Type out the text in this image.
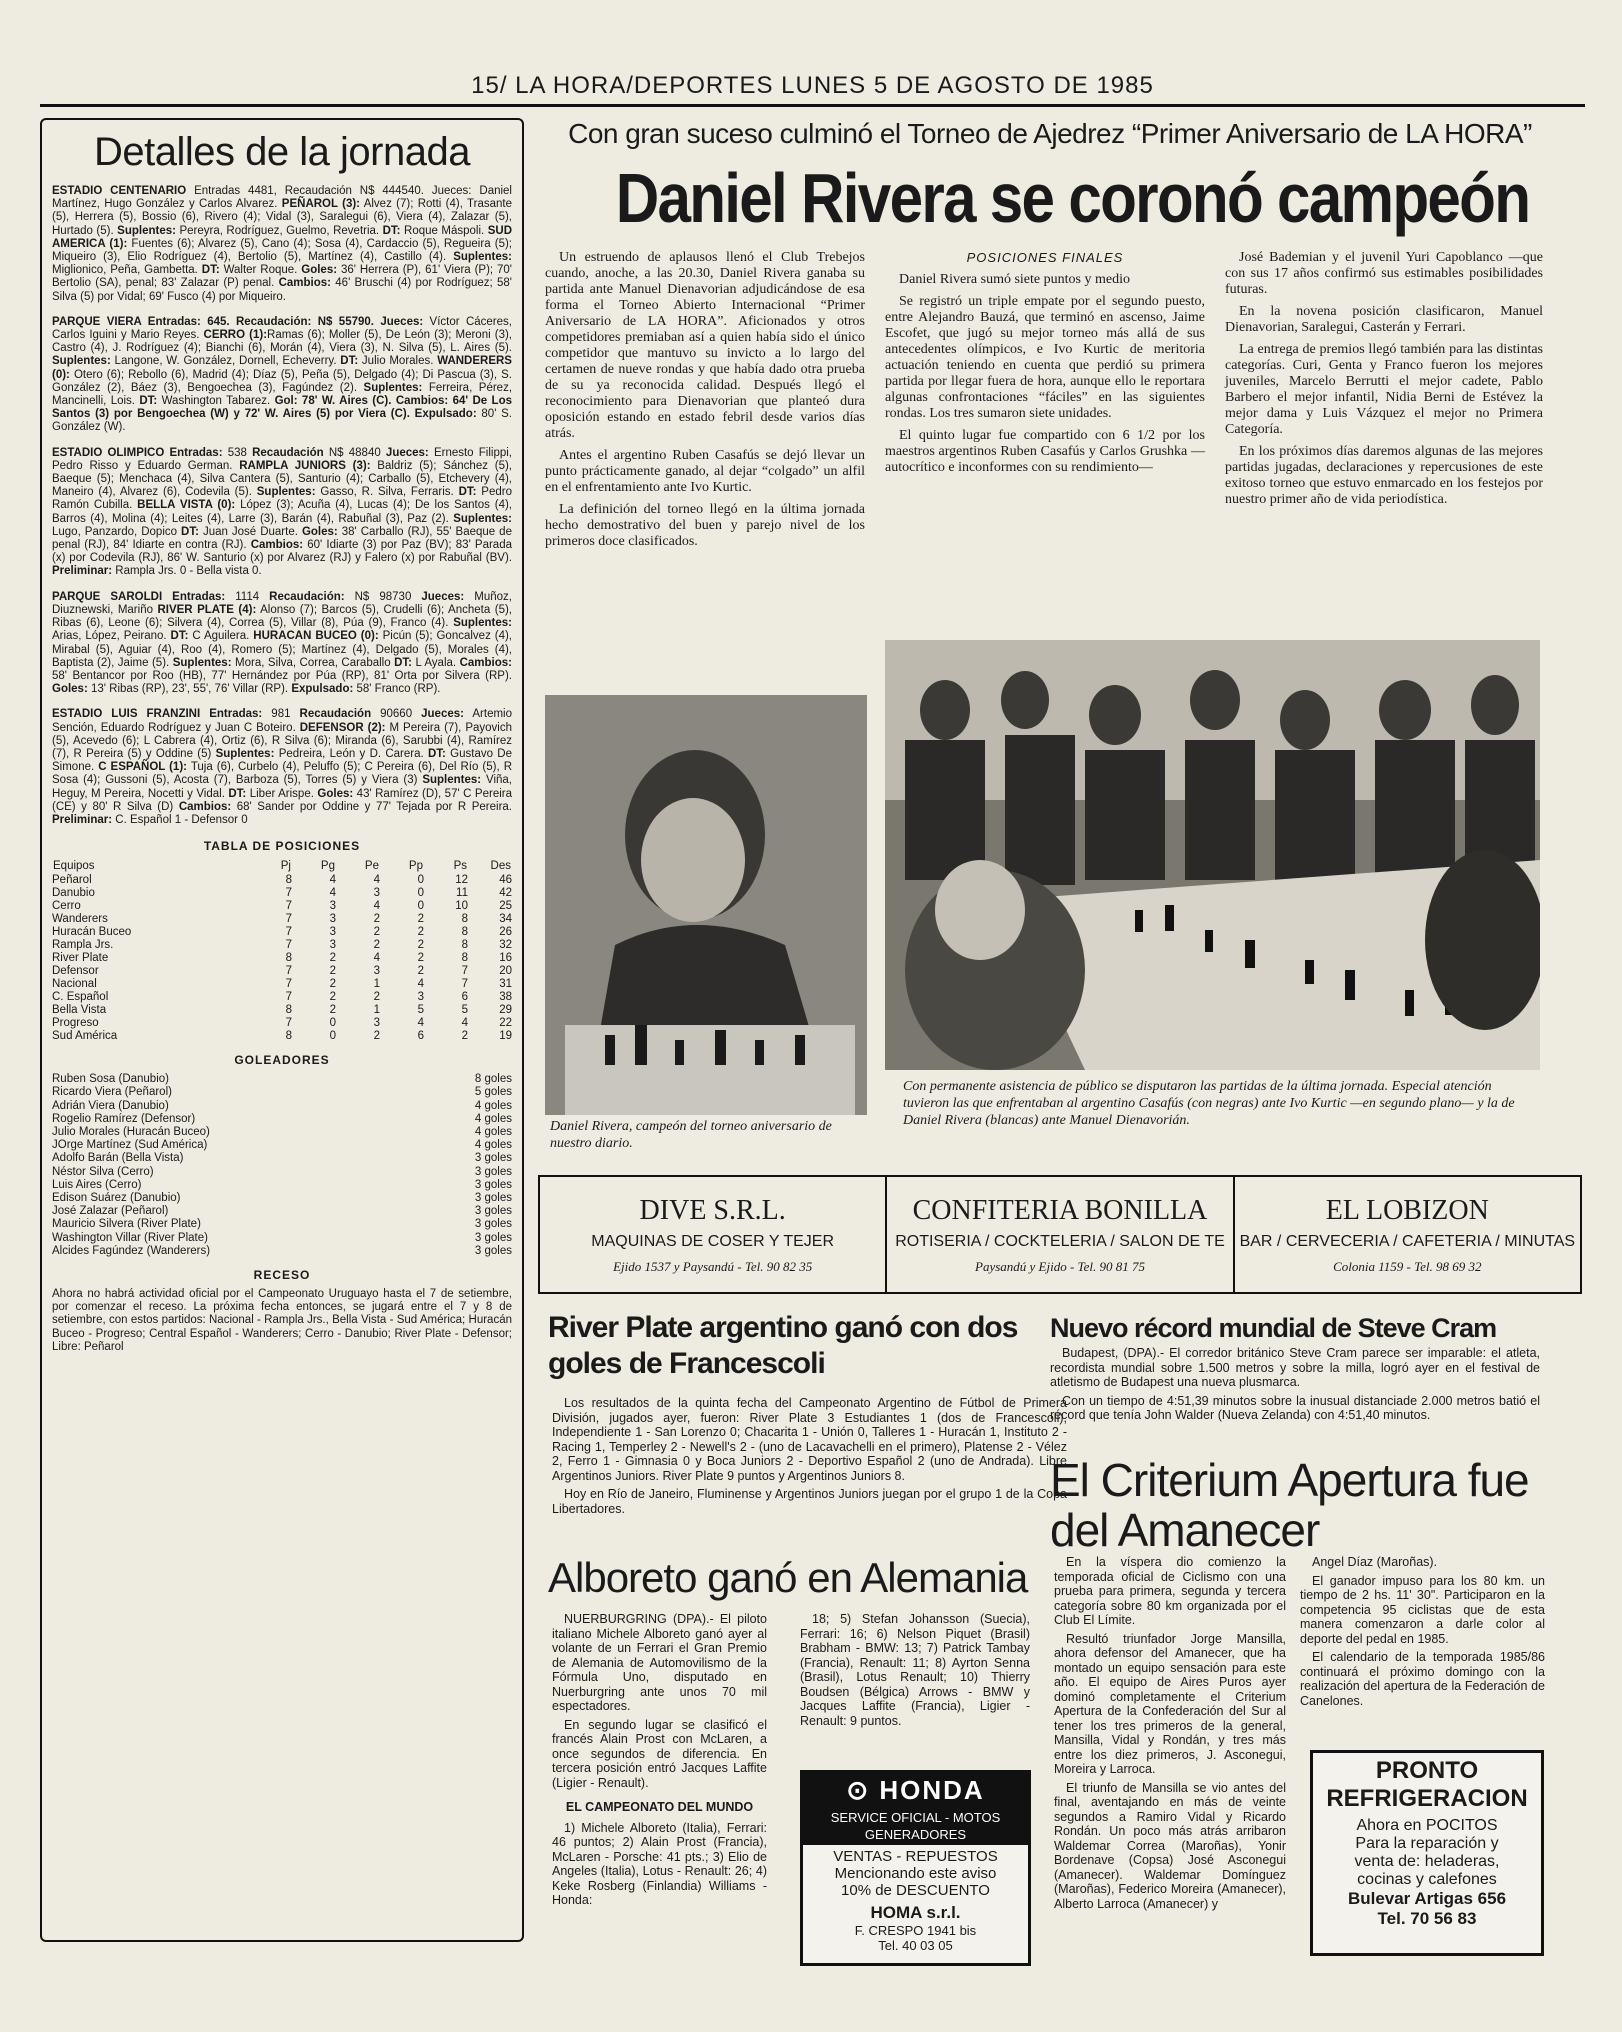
15/ LA HORA/DEPORTES LUNES 5 DE AGOSTO DE 1985
Detalles de la jornada

ESTADIO CENTENARIO Entradas 4481, Recaudación N$ 444540. Jueces: Daniel Martínez, Hugo González y Carlos Alvarez. PEÑAROL (3): Alvez (7); Rotti (4), Trasante (5), Herrera (5), Bossio (6), Rivero (4); Vidal (3), Saralegui (6), Viera (4), Zalazar (5), Hurtado (5). Suplentes: Pereyra, Rodríguez, Guelmo, Revetria. DT: Roque Máspoli. SUD AMERICA (1): Fuentes (6); Alvarez (5), Cano (4); Sosa (4), Cardaccio (5), Regueira (5); Miqueiro (3), Elio Rodríguez (4), Bertolio (5), Martínez (4), Castillo (4). Suplentes: Miglionico, Peña, Gambetta. DT: Walter Roque. Goles: 36' Herrera (P), 61' Viera (P); 70' Bertolio (SA), penal; 83' Zalazar (P) penal. Cambios: 46' Bruschi (4) por Rodríguez; 58' Silva (5) por Vidal; 69' Fusco (4) por Miqueiro.

PARQUE VIERA Entradas: 645. Recaudación: N$ 55790. Jueces: Víctor Cáceres, Carlos Iguini y Mario Reyes. CERRO (1):Ramas (6); Moller (5), De León (3); Meroni (3), Castro (4), J. Rodríguez (4); Bianchi (6), Morán (4), Viera (3), N. Silva (5), L. Aires (5). Suplentes: Langone, W. González, Dornell, Echeverry. DT: Julio Morales. WANDERERS (0): Otero (6); Rebollo (6), Madrid (4); Díaz (5), Peña (5), Delgado (4); Di Pascua (3), S. González (2), Báez (3), Bengoechea (3), Fagúndez (2). Suplentes: Ferreira, Pérez, Mancinelli, Lois. DT: Washington Tabarez. Gol: 78' W. Aires (C). Cambios: 64' De Los Santos (3) por Bengoechea (W) y 72' W. Aires (5) por Viera (C). Expulsado: 80' S. González (W).

ESTADIO OLIMPICO Entradas: 538 Recaudación N$ 48840 Jueces: Ernesto Filippi, Pedro Risso y Eduardo German. RAMPLA JUNIORS (3): Baldriz (5); Sánchez (5), Baeque (5); Menchaca (4), Silva Cantera (5), Santurio (4); Carballo (5), Etchevery (4), Maneiro (4), Alvarez (6), Codevila (5). Suplentes: Gasso, R. Silva, Ferraris. DT: Pedro Ramón Cubilla. BELLA VISTA (0): López (3); Acuña (4), Lucas (4); De los Santos (4), Barros (4), Molina (4); Leites (4), Larre (3), Barán (4), Rabuñal (3), Paz (2). Suplentes: Lugo, Panzardo, Dopico DT: Juan José Duarte. Goles: 38' Carballo (RJ), 55' Baeque de penal (RJ), 84' Idiarte en contra (RJ). Cambios: 60' Idiarte (3) por Paz (BV); 83' Parada (x) por Codevila (RJ), 86' W. Santurio (x) por Alvarez (RJ) y Falero (x) por Rabuñal (BV). Preliminar: Rampla Jrs. 0 - Bella vista 0.

PARQUE SAROLDI Entradas: 1114 Recaudación: N$ 98730 Jueces: Muñoz, Diuznewski, Mariño RIVER PLATE (4): Alonso (7); Barcos (5), Crudelli (6); Ancheta (5), Ribas (6), Leone (6); Silvera (4), Correa (5), Villar (8), Púa (9), Franco (4). Suplentes: Arias, López, Peirano. DT: C Aguilera. HURACAN BUCEO (0): Picún (5); Goncalvez (4), Mirabal (5), Aguiar (4), Roo (4), Romero (5); Martínez (4), Delgado (5), Morales (4), Baptista (2), Jaime (5). Suplentes: Mora, Silva, Correa, Caraballo DT: L Ayala. Cambios: 58' Bentancor por Roo (HB), 77' Hernández por Púa (RP), 81' Orta por Silvera (RP). Goles: 13' Ribas (RP), 23', 55', 76' Villar (RP). Expulsado: 58' Franco (RP).

ESTADIO LUIS FRANZINI Entradas: 981 Recaudación 90660 Jueces: Artemio Sención, Eduardo Rodríguez y Juan C Boteiro. DEFENSOR (2): M Pereira (7), Payovich (5), Acevedo (6); L Cabrera (4), Ortiz (6), R Silva (6); Miranda (6), Sarubbi (4), Ramírez (7), R Pereira (5) y Oddine (5) Suplentes: Pedreira, León y D. Carera. DT: Gustavo De Simone. C ESPAÑOL (1): Tuja (6), Curbelo (4), Peluffo (5); C Pereira (6), Del Río (5), R Sosa (4); Gussoni (5), Acosta (7), Barboza (5), Torres (5) y Viera (3) Suplentes: Viña, Heguy, M Pereira, Nocetti y Vidal. DT: Liber Arispe. Goles: 43' Ramírez (D), 57' C Pereira (CE) y 80' R Silva (D) Cambios: 68' Sander por Oddine y 77' Tejada por R Pereira. Preliminar: C. Español 1 - Defensor 0

TABLA DE POSICIONES
Equipos	Pj	Pg	Pe	Pp	Ps	Des
Peñarol	8	4	4	0	12	46
Danubio	7	4	3	0	11	42
Cerro	7	3	4	0	10	25
Wanderers	7	3	2	2	8	34
Huracán Buceo	7	3	2	2	8	26
Rampla Jrs.	7	3	2	2	8	32
River Plate	8	2	4	2	8	16
Defensor	7	2	3	2	7	20
Nacional	7	2	1	4	7	31
C. Español	7	2	2	3	6	38
Bella Vista	8	2	1	5	5	29
Progreso	7	0	3	4	4	22
Sud América	8	0	2	6	2	19
GOLEADORES
Ruben Sosa (Danubio)	8 goles
Ricardo Viera (Peñarol)	5 goles
Adrián Viera (Danubio)	4 goles
Rogelio Ramírez (Defensor)	4 goles
Julio Morales (Huracán Buceo)	4 goles
JOrge Martínez (Sud América)	4 goles
Adolfo Barán (Bella Vista)	3 goles
Néstor Silva (Cerro)	3 goles
Luis Aires (Cerro)	3 goles
Edison Suárez (Danubio)	3 goles
José Zalazar (Peñarol)	3 goles
Mauricio Silvera (River Plate)	3 goles
Washington Villar (River Plate)	3 goles
Alcides Fagúndez (Wanderers)	3 goles
RECESO

Ahora no habrá actividad oficial por el Campeonato Uruguayo hasta el 7 de setiembre, por comenzar el receso. La próxima fecha entonces, se jugará entre el 7 y 8 de setiembre, con estos partidos: Nacional - Rampla Jrs., Bella Vista - Sud América; Huracán Buceo - Progreso; Central Español - Wanderers; Cerro - Danubio; River Plate - Defensor; Libre: Peñarol

Con gran suceso culminó el Torneo de Ajedrez “Primer Aniversario de LA HORA”
Daniel Rivera se coronó campeón

Un estruendo de aplausos llenó el Club Trebejos cuando, anoche, a las 20.30, Daniel Rivera ganaba su partida ante Manuel Dienavorian adjudicándose de esa forma el Torneo Abierto Internacional “Primer Aniversario de LA HORA”. Aficionados y otros competidores premiaban así a quien había sido el único competidor que mantuvo su invicto a lo largo del certamen de nueve rondas y que había dado otra prueba de su ya reconocida calidad. Después llegó el reconocimiento para Dienavorian que planteó dura oposición estando en estado febril desde varios días atrás.

Antes el argentino Ruben Casafús se dejó llevar un punto prácticamente ganado, al dejar “colgado” un alfil en el enfrentamiento ante Ivo Kurtic.

La definición del torneo llegó en la última jornada hecho demostrativo del buen y parejo nivel de los primeros doce clasificados.

POSICIONES FINALES

Daniel Rivera sumó siete puntos y medio

Se registró un triple empate por el segundo puesto, entre Alejandro Bauzá, que terminó en ascenso, Jaime Escofet, que jugó su mejor torneo más allá de sus antecedentes olímpicos, e Ivo Kurtic de meritoria actuación teniendo en cuenta que perdió su primera partida por llegar fuera de hora, aunque ello le reportara algunas confrontaciones “fáciles” en las siguientes rondas. Los tres sumaron siete unidades.

El quinto lugar fue compartido con 6 1/2 por los maestros argentinos Ruben Casafús y Carlos Grushka —autocrítico e inconformes con su rendimiento—

José Bademian y el juvenil Yuri Capoblanco —que con sus 17 años confirmó sus estimables posibilidades futuras.

En la novena posición clasificaron, Manuel Dienavorian, Saralegui, Casterán y Ferrari.

La entrega de premios llegó también para las distintas categorías. Curi, Genta y Franco fueron los mejores juveniles, Marcelo Berrutti el mejor cadete, Pablo Barbero el mejor infantil, Nidia Berni de Estévez la mejor dama y Luis Vázquez el mejor no Primera Categoría.

En los próximos días daremos algunas de las mejores partidas jugadas, declaraciones y repercusiones de este exitoso torneo que estuvo enmarcado en los festejos por nuestro primer año de vida periodística.

Daniel Rivera, campeón del torneo aniversario de nuestro diario.
Con permanente asistencia de público se disputaron las partidas de la última jornada. Especial atención tuvieron las que enfrentaban al argentino Casafús (con negras) ante Ivo Kurtic —en segundo plano— y la de Daniel Rivera (blancas) ante Manuel Dienavorián.
DIVE S.R.L.
MAQUINAS DE COSER Y TEJER
Ejido 1537 y Paysandú - Tel. 90 82 35
CONFITERIA BONILLA
ROTISERIA / COCKTELERIA / SALON DE TE
Paysandú y Ejido - Tel. 90 81 75
EL LOBIZON
BAR / CERVECERIA / CAFETERIA / MINUTAS
Colonia 1159 - Tel. 98 69 32
River Plate argentino ganó con dos goles de Francescoli

Los resultados de la quinta fecha del Campeonato Argentino de Fútbol de Primera División, jugados ayer, fueron: River Plate 3 Estudiantes 1 (dos de Francescoli), Independiente 1 - San Lorenzo 0; Chacarita 1 - Unión 0, Talleres 1 - Huracán 1, Instituto 2 - Racing 1, Temperley 2 - Newell's 2 - (uno de Lacavachelli en el primero), Platense 2 - Vélez 2, Ferro 1 - Gimnasia 0 y Boca Juniors 2 - Deportivo Español 2 (uno de Andrada). Libre Argentinos Juniors. River Plate 9 puntos y Argentinos Juniors 8.

Hoy en Río de Janeiro, Fluminense y Argentinos Juniors juegan por el grupo 1 de la Copa Libertadores.

Nuevo récord mundial de Steve Cram

Budapest, (DPA).- El corredor británico Steve Cram parece ser imparable: el atleta, recordista mundial sobre 1.500 metros y sobre la milla, logró ayer en el festival de atletismo de Budapest una nueva plusmarca.

Con un tiempo de 4:51,39 minutos sobre la inusual distanciade 2.000 metros batió el récord que tenía John Walder (Nueva Zelanda) con 4:51,40 minutos.

Alboreto ganó en Alemania

NUERBURGRING (DPA).- El piloto italiano Michele Alboreto ganó ayer al volante de un Ferrari el Gran Premio de Alemania de Automovilismo de la Fórmula Uno, disputado en Nuerburgring ante unos 70 mil espectadores.

En segundo lugar se clasificó el francés Alain Prost con McLaren, a once segundos de diferencia. En tercera posición entró Jacques Laffite (Ligier - Renault).

EL CAMPEONATO DEL MUNDO

1) Michele Alboreto (Italia), Ferrari: 46 puntos; 2) Alain Prost (Francia), McLaren - Porsche: 41 pts.; 3) Elio de Angeles (Italia), Lotus - Renault: 26; 4) Keke Rosberg (Finlandia) Williams - Honda:

18; 5) Stefan Johansson (Suecia), Ferrari: 16; 6) Nelson Piquet (Brasil) Brabham - BMW: 13; 7) Patrick Tambay (Francia), Renault: 11; 8) Ayrton Senna (Brasil), Lotus Renault; 10) Thierry Boudsen (Bélgica) Arrows - BMW y Jacques Laffite (Francia), Ligier - Renault: 9 puntos.

⊙ HONDA
SERVICE OFICIAL - MOTOS
GENERADORES
VENTAS - REPUESTOS
Mencionando este aviso
10% de DESCUENTO
HOMA s.r.l.
F. CRESPO 1941 bis
Tel. 40 03 05
El Criterium Apertura fue del Amanecer

En la víspera dio comienzo la temporada oficial de Ciclismo con una prueba para primera, segunda y tercera categoría sobre 80 km organizada por el Club El Límite.

Resultó triunfador Jorge Mansilla, ahora defensor del Amanecer, que ha montado un equipo sensación para este año. El equipo de Aires Puros ayer dominó completamente el Criterium Apertura de la Confederación del Sur al tener los tres primeros de la general, Mansilla, Vidal y Rondán, y tres más entre los diez primeros, J. Asconegui, Moreira y Larroca.

El triunfo de Mansilla se vio antes del final, aventajando en más de veinte segundos a Ramiro Vidal y Ricardo Rondán. Un poco más atrás arribaron Waldemar Correa (Maroñas), Yonir Bordenave (Copsa) José Asconegui (Amanecer). Waldemar Domínguez (Maroñas), Federico Moreira (Amanecer), Alberto Larroca (Amanecer) y

Angel Díaz (Maroñas).

El ganador impuso para los 80 km. un tiempo de 2 hs. 11' 30". Participaron en la competencia 95 ciclistas que de esta manera comenzaron a darle color al deporte del pedal en 1985.

El calendario de la temporada 1985/86 continuará el próximo domingo con la realización del apertura de la Federación de Canelones.

PRONTO
REFRIGERACION
Ahora en POCITOS
Para la reparación y
venta de: heladeras,
cocinas y calefones
Bulevar Artigas 656
Tel. 70 56 83
